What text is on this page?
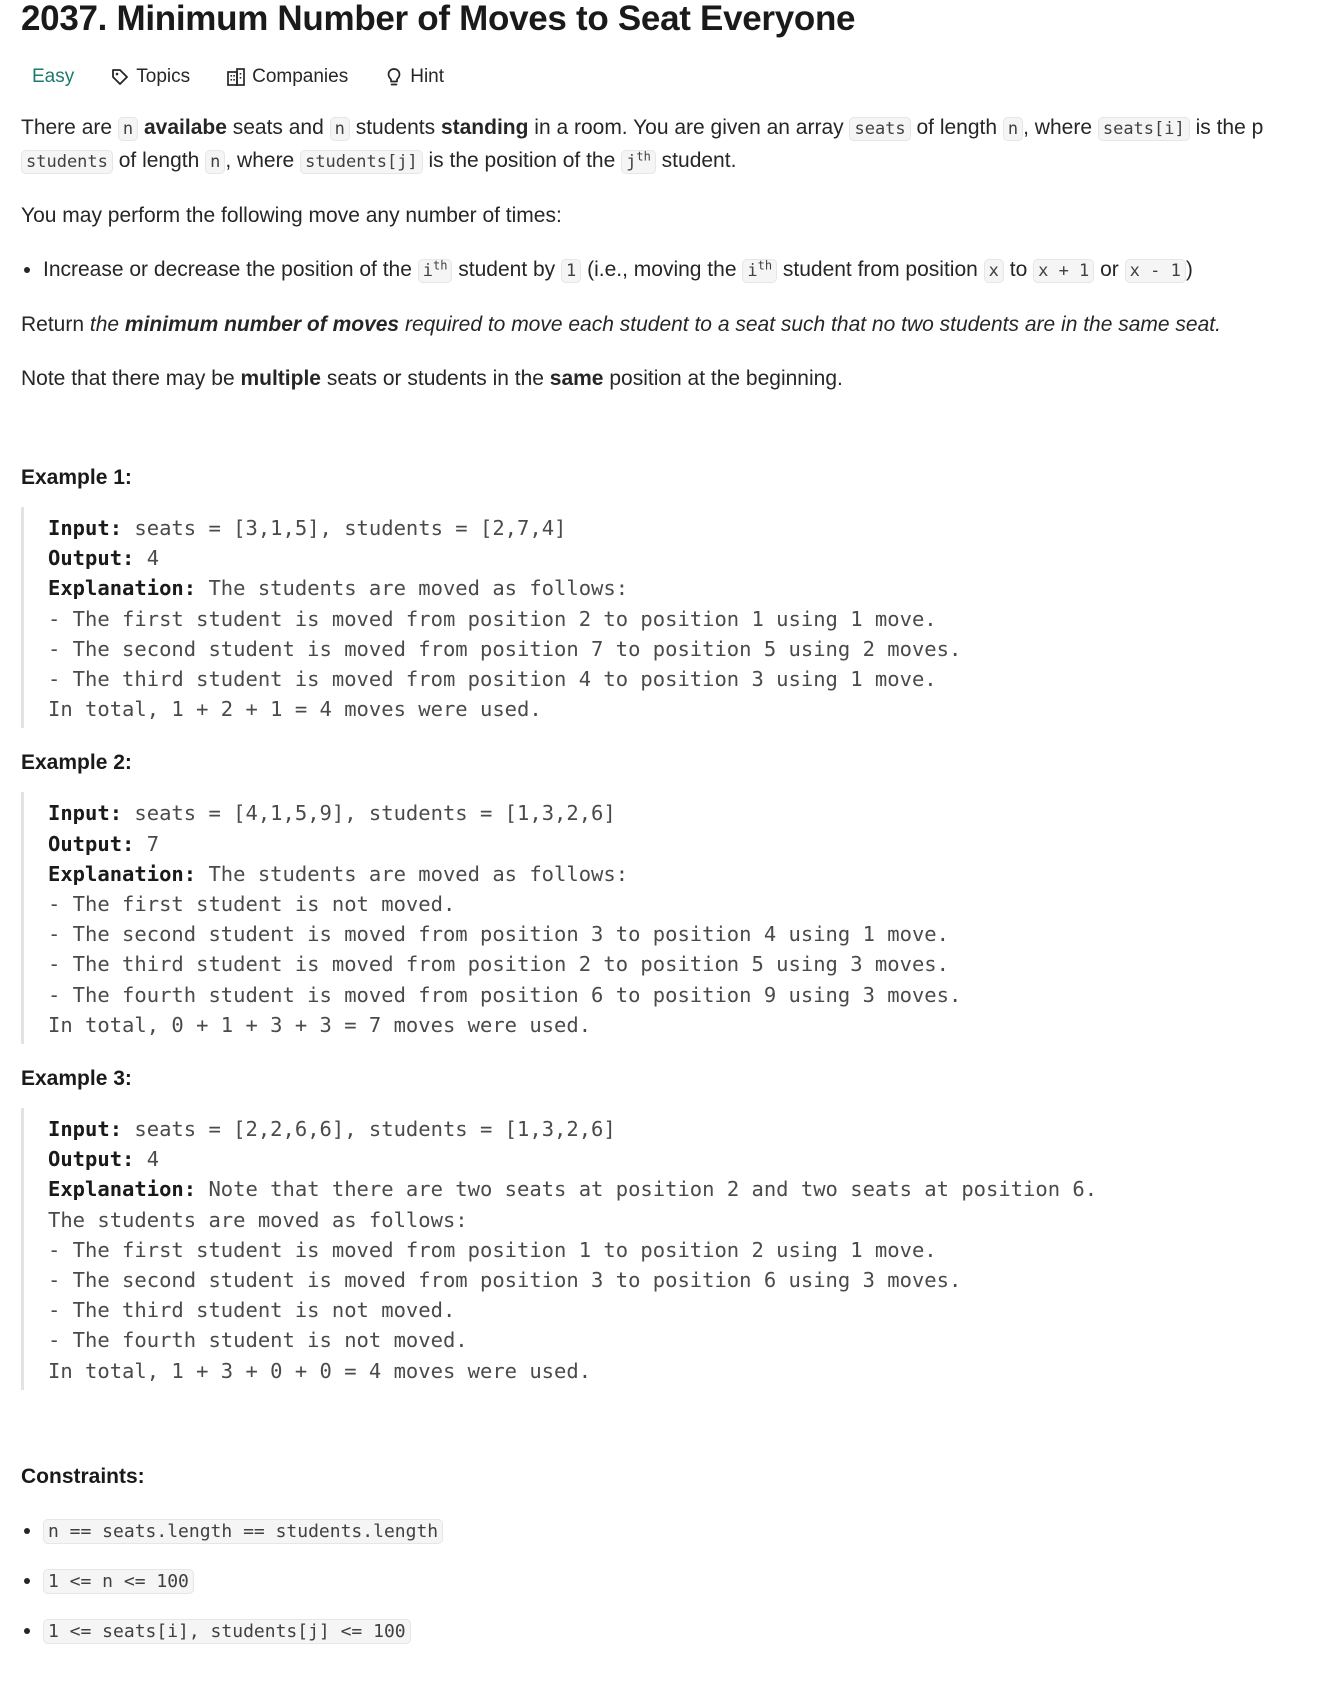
2037. Minimum Number of Moves to Seat Everyone
Easy	Topics	Companies	Hint

There are n availabe seats and n students standing in a room. You are given an array seats of length n , where seats[i] is the p

students of length n , where students[j] is the position of the $j^{th}$ student.

You may perform the following move any number of times:

• Increase or decrease the position of the $i^{th}$ student by 1 (i.e., moving the $i^{th}$ student from position x to x + 1 or x - 1 )

Return the minimum number of moves required to move each student to a seat such that no two students are in the same seat.

Note that there may be multiple seats or students in the same position at the beginning.

Example 1:

Input: seats = [3,1,5], students = [2,7,4]
Output: 4
Explanation: The students are moved as follows:
- The first student is moved from position 2 to position 1 using 1 move.
- The second student is moved from position 7 to position 5 using 2 moves.
- The third student is moved from position 4 to position 3 using 1 move.
In total, 1 + 2 + 1 = 4 moves were used.

Example 2:

Input: seats = [4,1,5,9], students = [1,3,2,6]
Output: 7
Explanation: The students are moved as follows:
- The first student is not moved.
- The second student is moved from position 3 to position 4 using 1 move.
- The third student is moved from position 2 to position 5 using 3 moves.
- The fourth student is moved from position 6 to position 9 using 3 moves.
In total, 0 + 1 + 3 + 3 = 7 moves were used.

Example 3:

Input: seats = [2,2,6,6], students = [1,3,2,6]
Output: 4
Explanation: Note that there are two seats at position 2 and two seats at position 6.
The students are moved as follows:
- The first student is moved from position 1 to position 2 using 1 move.
- The second student is moved from position 3 to position 6 using 3 moves.
- The third student is not moved.
- The fourth student is not moved.
In total, 1 + 3 + 0 + 0 = 4 moves were used.

Constraints:

• n == seats.length == students.length
• 1 <= n <= 100
• 1 <= seats[i], students[j] <= 100
